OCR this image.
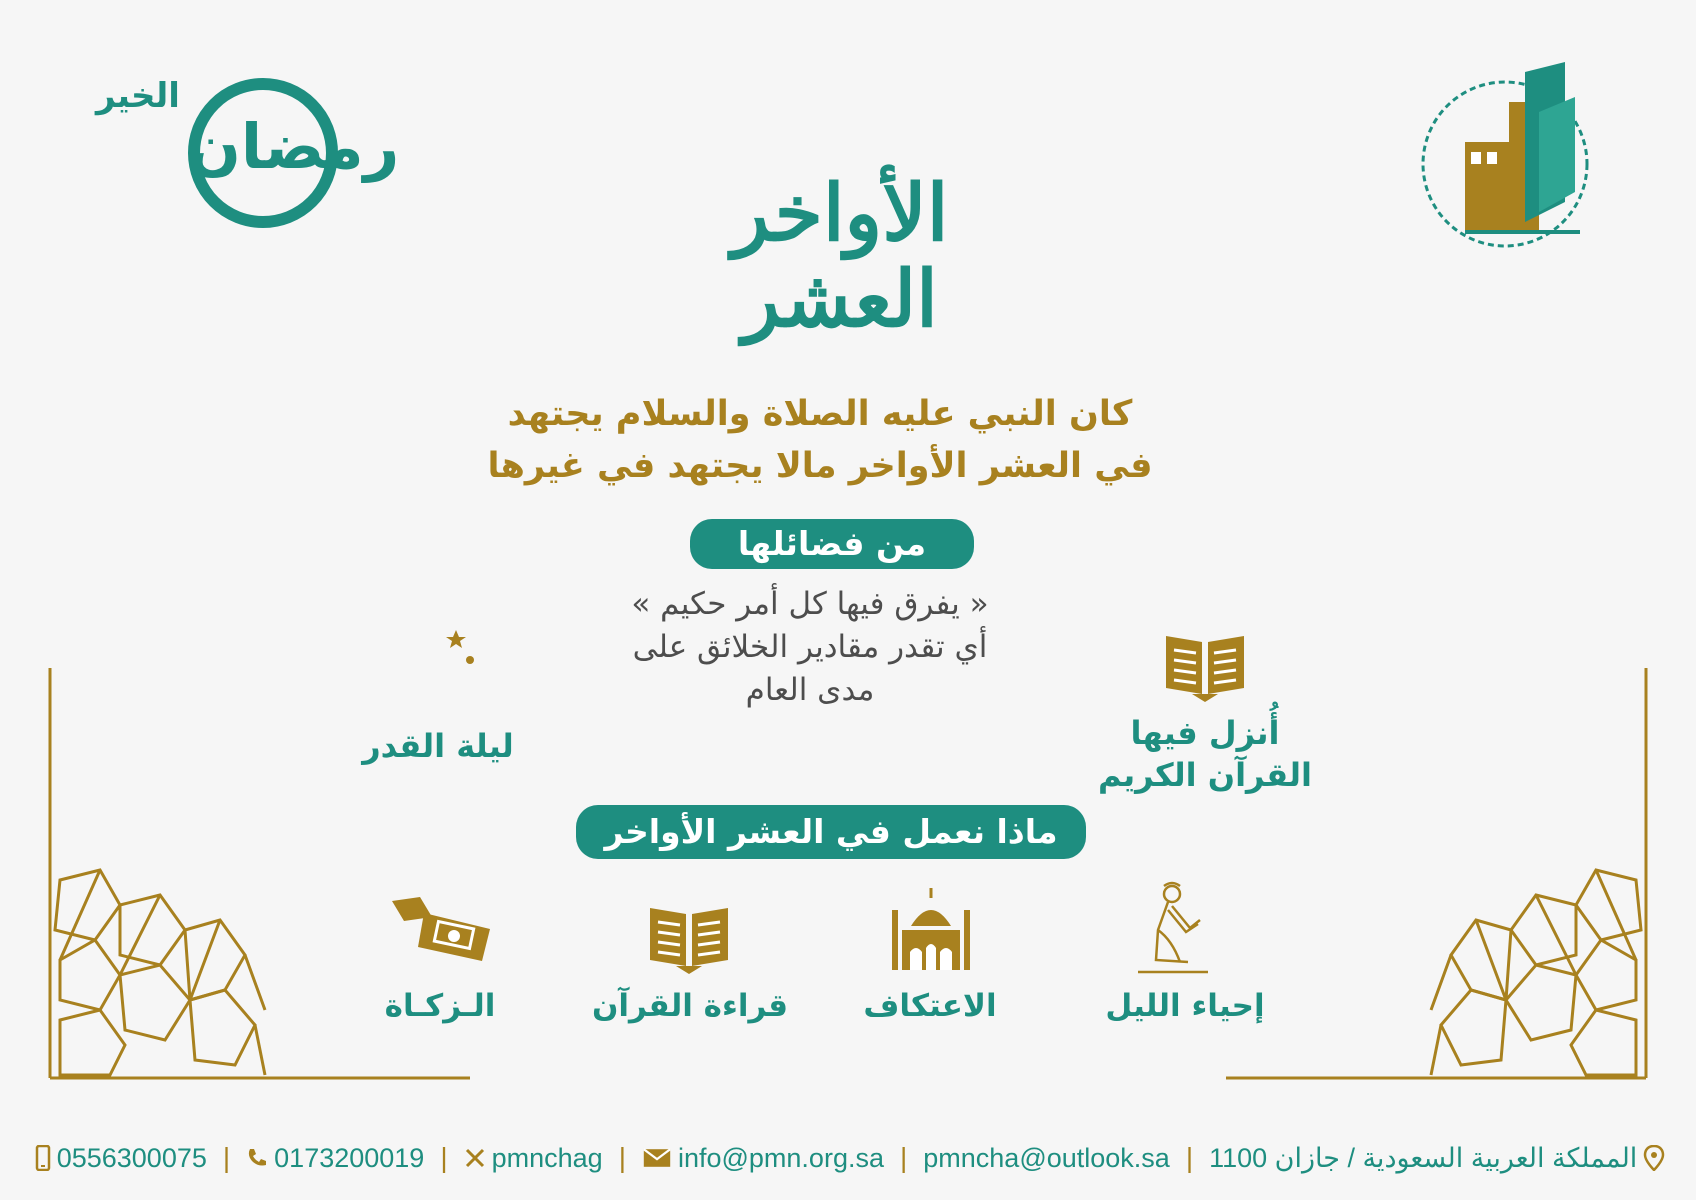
الخير
رمضان
الأواخر
العشر
كان النبي عليه الصلاة والسلام يجتهد
في العشر الأواخر مالا يجتهد في غيرها
من فضائلها
« يفرق فيها كل أمر حكيم »
أي تقدر مقادير الخلائق على
مدى العام
ليلة القدر	أُنزل فيها
القرآن الكريم
ماذا نعمل في العشر الأواخر
الـزكـاة	قراءة القرآن	الاعتكاف	إحياء الليل
المملكة العربية السعودية / جازان 1100
|
pmncha@outlook.sa
|
info@pmn.org.sa
|
pmnchag
|
0173200019
|
0556300075
